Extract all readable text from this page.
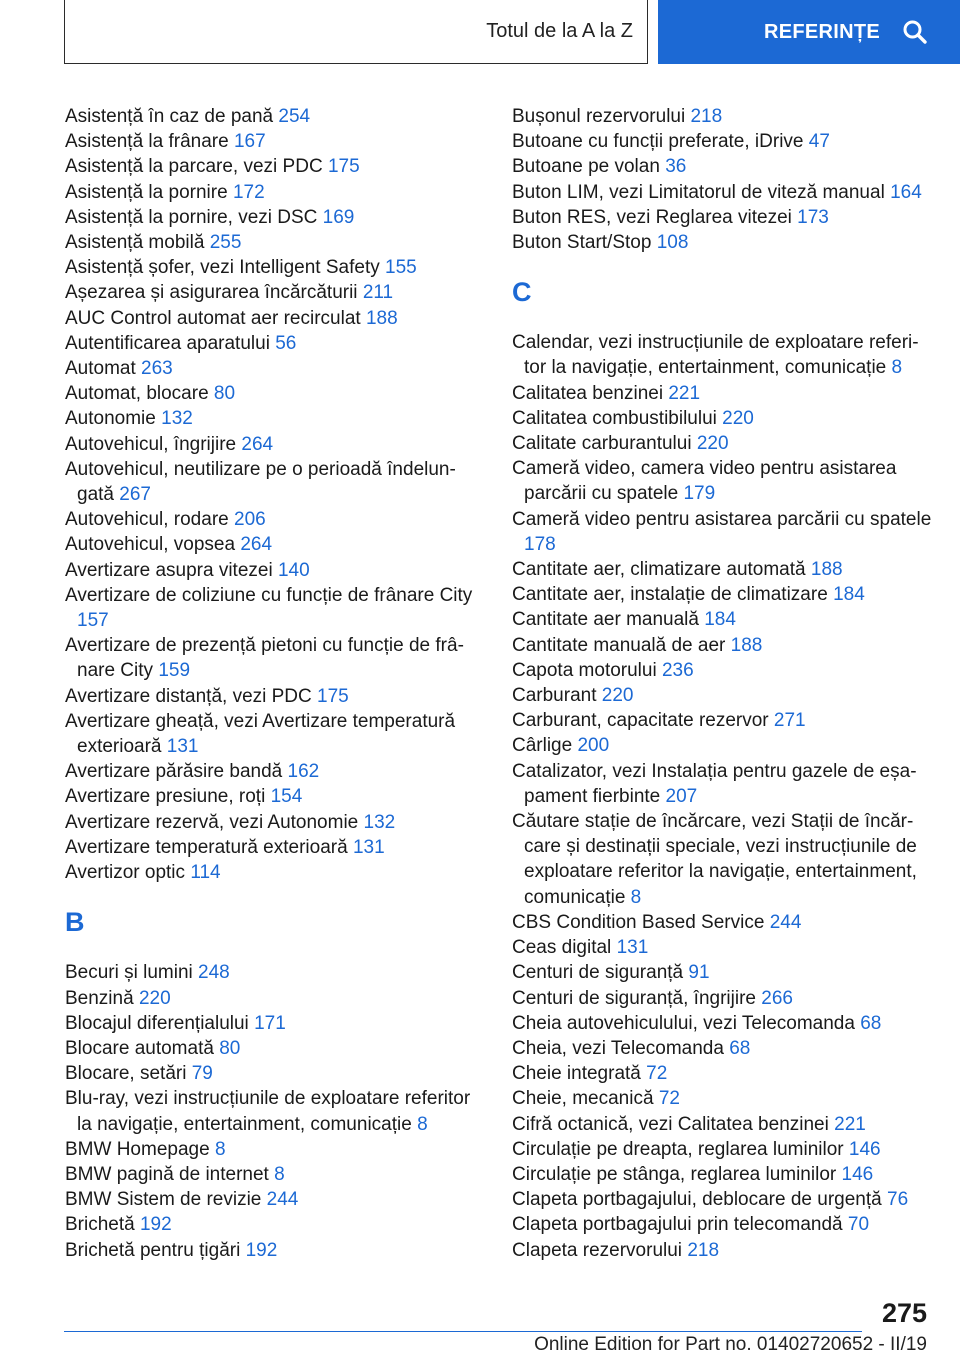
Totul de la A la Z	REFERINȚE
Asistență în caz de pană 254
Asistență la frânare 167
Asistență la parcare, vezi PDC 175
Asistență la pornire 172
Asistență la pornire, vezi DSC 169
Asistență mobilă 255
Asistență șofer, vezi Intelligent Safety 155
Așezarea și asigurarea încărcăturii 211
AUC Control automat aer recirculat 188
Autentificarea aparatului 56
Automat 263
Automat, blocare 80
Autonomie 132
Autovehicul, îngrijire 264
Autovehicul, neutilizare pe o perioadă îndelungată 267
Autovehicul, rodare 206
Autovehicul, vopsea 264
Avertizare asupra vitezei 140
Avertizare de coliziune cu funcție de frânare City 157
Avertizare de prezență pietoni cu funcție de frânare City 159
Avertizare distanță, vezi PDC 175
Avertizare gheață, vezi Avertizare temperatură exterioară 131
Avertizare părăsire bandă 162
Avertizare presiune, roți 154
Avertizare rezervă, vezi Autonomie 132
Avertizare temperatură exterioară 131
Avertizor optic 114
B
Becuri și lumini 248
Benzină 220
Blocajul diferențialului 171
Blocare automată 80
Blocare, setări 79
Blu-ray, vezi instrucțiunile de exploatare referitor la navigație, entertainment, comunicație 8
BMW Homepage 8
BMW pagină de internet 8
BMW Sistem de revizie 244
Brichetă 192
Brichetă pentru țigări 192
Bușonul rezervorului 218
Butoane cu funcții preferate, iDrive 47
Butoane pe volan 36
Buton LIM, vezi Limitatorul de viteză manual 164
Buton RES, vezi Reglarea vitezei 173
Buton Start/Stop 108
C
Calendar, vezi instrucțiunile de exploatare referitor la navigație, entertainment, comunicație 8
Calitatea benzinei 221
Calitatea combustibilului 220
Calitate carburantului 220
Cameră video, camera video pentru asistarea parcării cu spatele 179
Cameră video pentru asistarea parcării cu spatele 178
Cantitate aer, climatizare automată 188
Cantitate aer, instalație de climatizare 184
Cantitate aer manuală 184
Cantitate manuală de aer 188
Capota motorului 236
Carburant 220
Carburant, capacitate rezervor 271
Cârlige 200
Catalizator, vezi Instalația pentru gazele de eșapament fierbinte 207
Căutare stație de încărcare, vezi Stații de încărcare și destinații speciale, vezi instrucțiunile de exploatare referitor la navigație, entertainment, comunicație 8
CBS Condition Based Service 244
Ceas digital 131
Centuri de siguranță 91
Centuri de siguranță, îngrijire 266
Cheia autovehiculului, vezi Telecomanda 68
Cheia, vezi Telecomanda 68
Cheie integrată 72
Cheie, mecanică 72
Cifră octanică, vezi Calitatea benzinei 221
Circulație pe dreapta, reglarea luminilor 146
Circulație pe stânga, reglarea luminilor 146
Clapeta portbagajului, deblocare de urgență 76
Clapeta portbagajului prin telecomandă 70
Clapeta rezervorului 218
275
Online Edition for Part no. 01402720652 - II/19
